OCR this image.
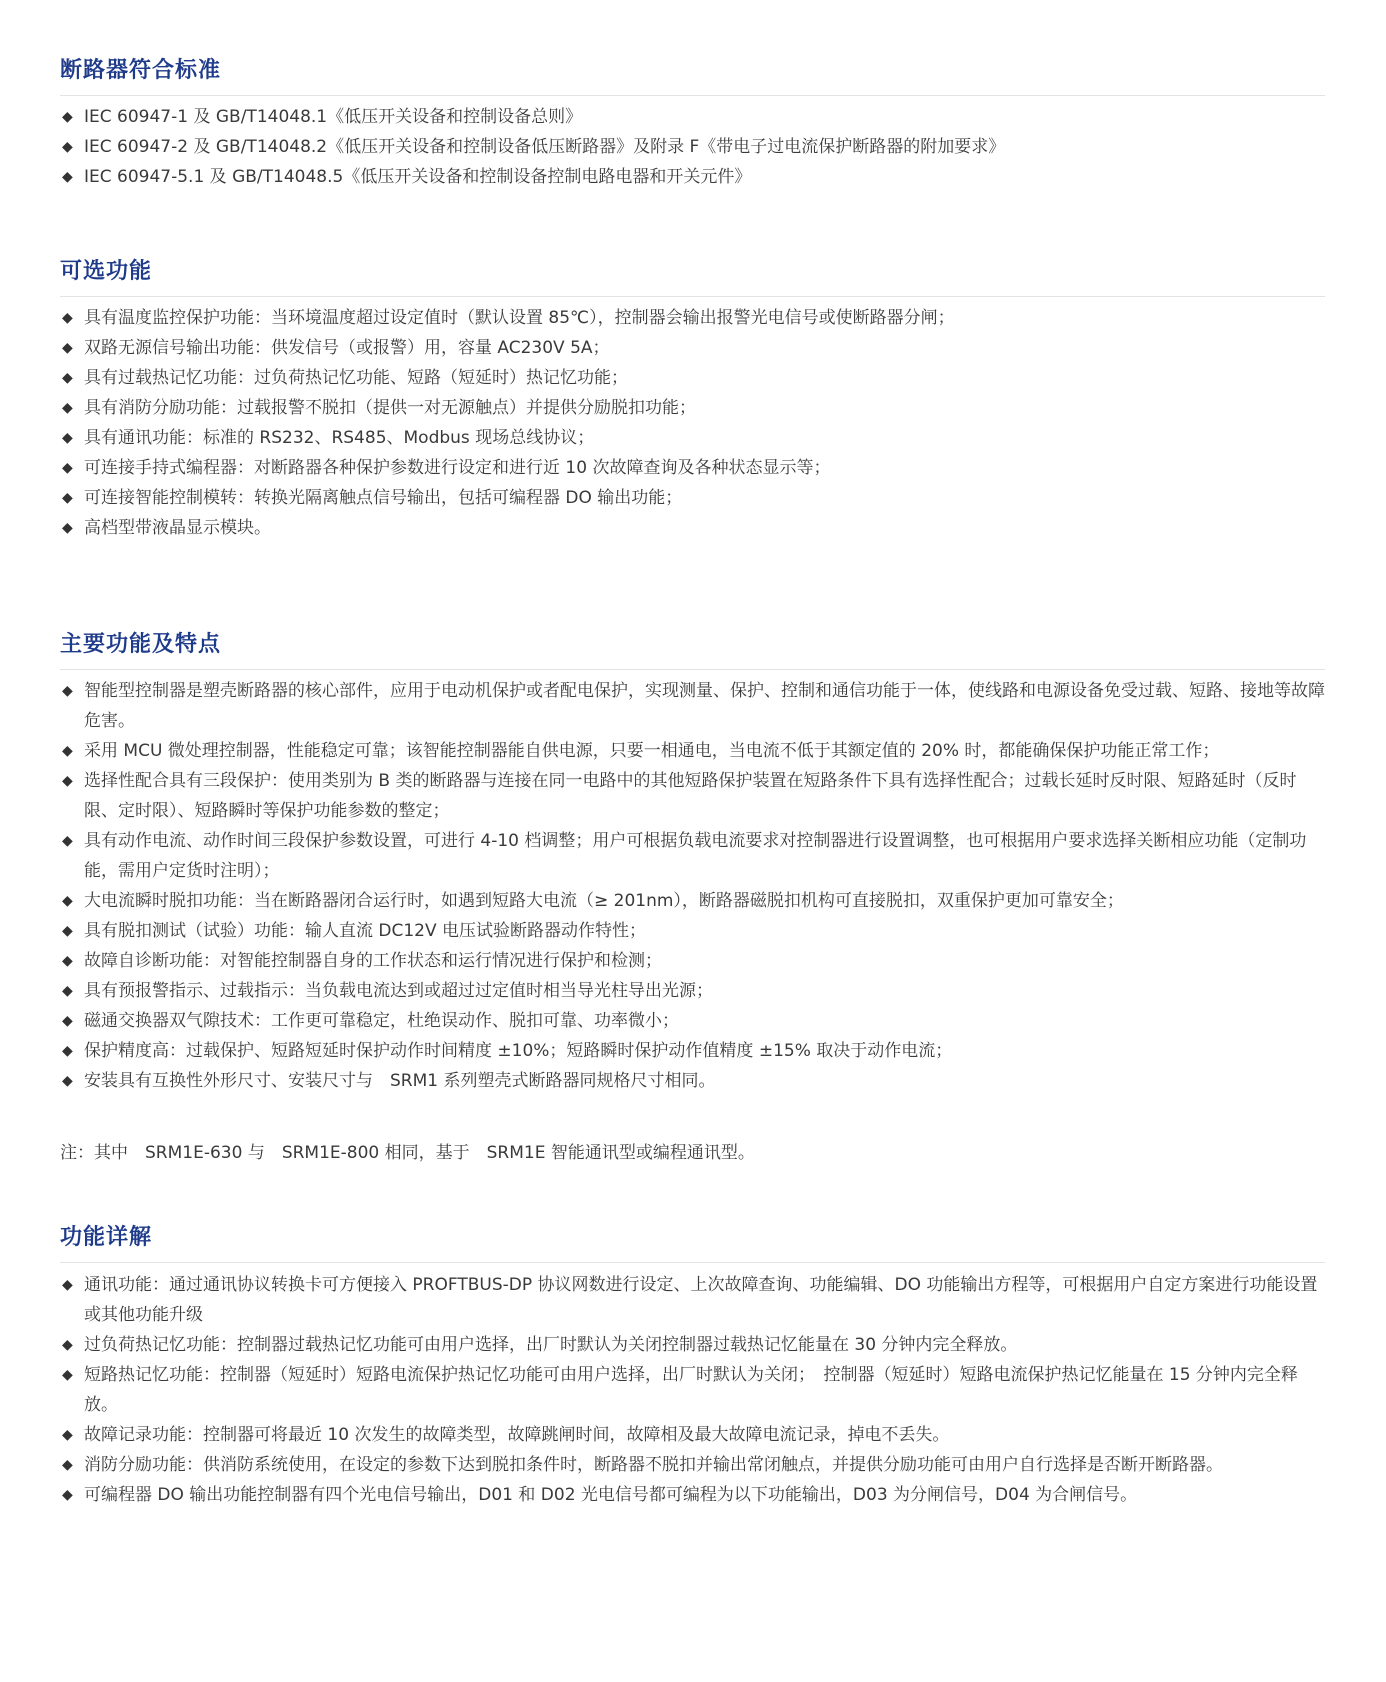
断路器符合标准
◆ IEC 60947-1 及 GB/T14048.1《低压开关设备和控制设备总则》
◆ IEC 60947-2 及 GB/T14048.2《低压开关设备和控制设备低压断路器》及附录 F《带电子过电流保护断路器的附加要求》
◆ IEC 60947-5.1 及 GB/T14048.5《低压开关设备和控制设备控制电路电器和开关元件》
可选功能
◆ 具有温度监控保护功能：当环境温度超过设定值时（默认设置 85℃），控制器会输出报警光电信号或使断路器分闸；
◆ 双路无源信号输出功能：供发信号（或报警）用，容量 AC230V 5A；
◆ 具有过载热记忆功能：过负荷热记忆功能、短路（短延时）热记忆功能；
◆ 具有消防分励功能：过载报警不脱扣（提供一对无源触点）并提供分励脱扣功能；
◆ 具有通讯功能：标准的 RS232、RS485、Modbus 现场总线协议；
◆ 可连接手持式编程器：对断路器各种保护参数进行设定和进行近 10 次故障查询及各种状态显示等；
◆ 可连接智能控制模转：转换光隔离触点信号输出，包括可编程器 DO 输出功能；
◆ 高档型带液晶显示模块。
主要功能及特点
◆ 智能型控制器是塑壳断路器的核心部件，应用于电动机保护或者配电保护，实现测量、保护、控制和通信功能于一体，使线路和电源设备免受过载、短路、接地等故障危害。
◆ 采用 MCU 微处理控制器，性能稳定可靠；该智能控制器能自供电源，只要一相通电，当电流不低于其额定值的 20% 时，都能确保保护功能正常工作；
◆ 选择性配合具有三段保护：使用类别为 B 类的断路器与连接在同一电路中的其他短路保护装置在短路条件下具有选择性配合；过载长延时反时限、短路延时（反时限、定时限）、短路瞬时等保护功能参数的整定；
◆ 具有动作电流、动作时间三段保护参数设置，可进行 4-10 档调整；用户可根据负载电流要求对控制器进行设置调整，也可根据用户要求选择关断相应功能（定制功能，需用户定货时注明）；
◆ 大电流瞬时脱扣功能：当在断路器闭合运行时，如遇到短路大电流（≥ 201nm），断路器磁脱扣机构可直接脱扣，双重保护更加可靠安全；
◆ 具有脱扣测试（试验）功能：输人直流 DC12V 电压试验断路器动作特性；
◆ 故障自诊断功能：对智能控制器自身的工作状态和运行情况进行保护和检测；
◆ 具有预报警指示、过载指示：当负载电流达到或超过过定值时相当导光柱导出光源；
◆ 磁通交换器双气隙技术：工作更可靠稳定，杜绝误动作、脱扣可靠、功率微小；
◆ 保护精度高：过载保护、短路短延时保护动作时间精度 ±10%；短路瞬时保护动作值精度 ±15% 取决于动作电流；
◆ 安装具有互换性外形尺寸、安装尺寸与　SRM1 系列塑壳式断路器同规格尺寸相同。
注：其中　SRM1E-630 与　SRM1E-800 相同，基于　SRM1E 智能通讯型或编程通讯型。
功能详解
◆ 通讯功能：通过通讯协议转换卡可方便接入 PROFTBUS-DP 协议网数进行设定、上次故障查询、功能编辑、DO 功能输出方程等，可根据用户自定方案进行功能设置或其他功能升级
◆ 过负荷热记忆功能：控制器过载热记忆功能可由用户选择，出厂时默认为关闭控制器过载热记忆能量在 30 分钟内完全释放。
◆ 短路热记忆功能：控制器（短延时）短路电流保护热记忆功能可由用户选择，出厂时默认为关闭；　控制器（短延时）短路电流保护热记忆能量在 15 分钟内完全释放。
◆ 故障记录功能：控制器可将最近 10 次发生的故障类型，故障跳闸时间，故障相及最大故障电流记录，掉电不丢失。
◆ 消防分励功能：供消防系统使用，在设定的参数下达到脱扣条件时，断路器不脱扣并输出常闭触点，并提供分励功能可由用户自行选择是否断开断路器。
◆ 可编程器 DO 输出功能控制器有四个光电信号输出，D01 和 D02 光电信号都可编程为以下功能输出，D03 为分闸信号，D04 为合闸信号。
